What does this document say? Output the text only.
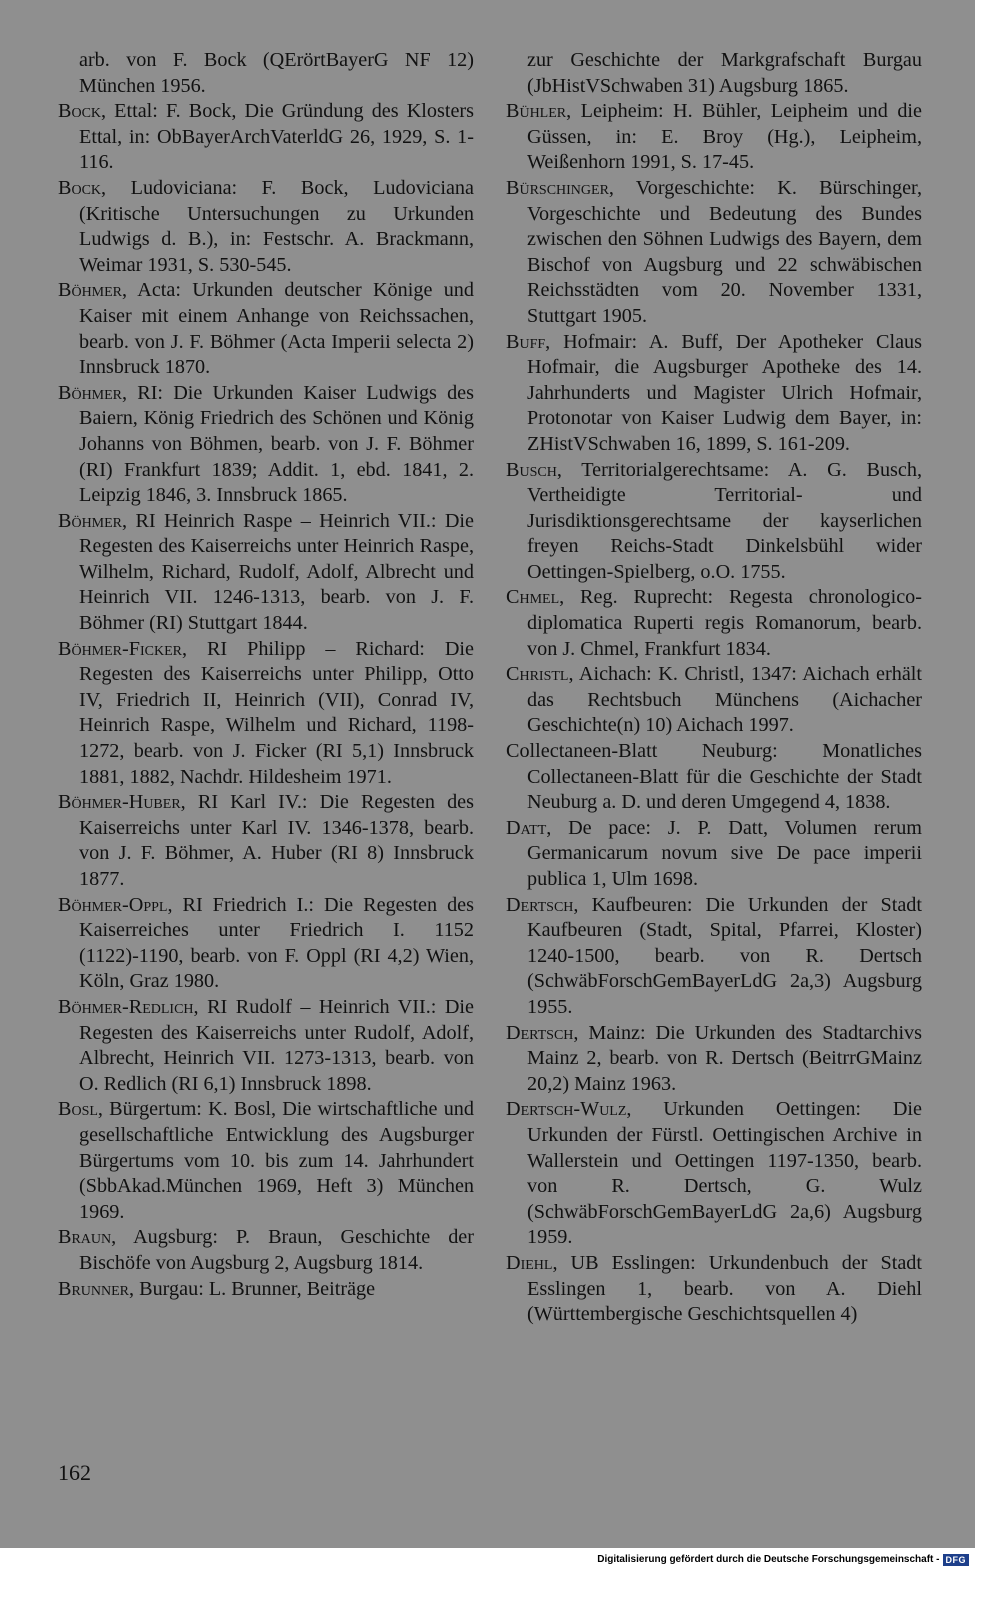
arb. von F. Bock (QErörtBayerG NF 12) München 1956.

Bock, Ettal: F. Bock, Die Gründung des Klosters Ettal, in: ObBayerArchVaterldG 26, 1929, S. 1-116.

Bock, Ludoviciana: F. Bock, Ludoviciana (Kritische Untersuchungen zu Urkunden Ludwigs d. B.), in: Festschr. A. Brackmann, Weimar 1931, S. 530-545.

Böhmer, Acta: Urkunden deutscher Könige und Kaiser mit einem Anhange von Reichssachen, bearb. von J. F. Böhmer (Acta Imperii selecta 2) Innsbruck 1870.

Böhmer, RI: Die Urkunden Kaiser Ludwigs des Baiern, König Friedrich des Schönen und König Johanns von Böhmen, bearb. von J. F. Böhmer (RI) Frankfurt 1839; Addit. 1, ebd. 1841, 2. Leipzig 1846, 3. Innsbruck 1865.

Böhmer, RI Heinrich Raspe – Heinrich VII.: Die Regesten des Kaiserreichs unter Heinrich Raspe, Wilhelm, Richard, Rudolf, Adolf, Albrecht und Heinrich VII. 1246-1313, bearb. von J. F. Böhmer (RI) Stuttgart 1844.

Böhmer-Ficker, RI Philipp – Richard: Die Regesten des Kaiserreichs unter Philipp, Otto IV, Friedrich II, Heinrich (VII), Conrad IV, Heinrich Raspe, Wilhelm und Richard, 1198-1272, bearb. von J. Ficker (RI 5,1) Innsbruck 1881, 1882, Nachdr. Hildesheim 1971.

Böhmer-Huber, RI Karl IV.: Die Regesten des Kaiserreichs unter Karl IV. 1346-1378, bearb. von J. F. Böhmer, A. Huber (RI 8) Innsbruck 1877.

Böhmer-Oppl, RI Friedrich I.: Die Regesten des Kaiserreiches unter Friedrich I. 1152 (1122)-1190, bearb. von F. Oppl (RI 4,2) Wien, Köln, Graz 1980.

Böhmer-Redlich, RI Rudolf – Heinrich VII.: Die Regesten des Kaiserreichs unter Rudolf, Adolf, Albrecht, Heinrich VII. 1273-1313, bearb. von O. Redlich (RI 6,1) Innsbruck 1898.

Bosl, Bürgertum: K. Bosl, Die wirtschaftliche und gesellschaftliche Entwicklung des Augsburger Bürgertums vom 10. bis zum 14. Jahrhundert (SbbAkad.München 1969, Heft 3) München 1969.

Braun, Augsburg: P. Braun, Geschichte der Bischöfe von Augsburg 2, Augsburg 1814.

Brunner, Burgau: L. Brunner, Beiträge

zur Geschichte der Markgrafschaft Burgau (JbHistVSchwaben 31) Augsburg 1865.

Bühler, Leipheim: H. Bühler, Leipheim und die Güssen, in: E. Broy (Hg.), Leipheim, Weißenhorn 1991, S. 17-45.

Bürschinger, Vorgeschichte: K. Bürschinger, Vorgeschichte und Bedeutung des Bundes zwischen den Söhnen Ludwigs des Bayern, dem Bischof von Augsburg und 22 schwäbischen Reichsstädten vom 20. November 1331, Stuttgart 1905.

Buff, Hofmair: A. Buff, Der Apotheker Claus Hofmair, die Augsburger Apotheke des 14. Jahrhunderts und Magister Ulrich Hofmair, Protonotar von Kaiser Ludwig dem Bayer, in: ZHistVSchwaben 16, 1899, S. 161-209.

Busch, Territorialgerechtsame: A. G. Busch, Vertheidigte Territorial- und Jurisdiktionsgerechtsame der kayserlichen freyen Reichs-Stadt Dinkelsbühl wider Oettingen-Spielberg, o.O. 1755.

Chmel, Reg. Ruprecht: Regesta chronologico-diplomatica Ruperti regis Romanorum, bearb. von J. Chmel, Frankfurt 1834.

Christl, Aichach: K. Christl, 1347: Aichach erhält das Rechtsbuch Münchens (Aichacher Geschichte(n) 10) Aichach 1997.

Collectaneen-Blatt Neuburg: Monatliches Collectaneen-Blatt für die Geschichte der Stadt Neuburg a. D. und deren Umgegend 4, 1838.

Datt, De pace: J. P. Datt, Volumen rerum Germanicarum novum sive De pace imperii publica 1, Ulm 1698.

Dertsch, Kaufbeuren: Die Urkunden der Stadt Kaufbeuren (Stadt, Spital, Pfarrei, Kloster) 1240-1500, bearb. von R. Dertsch (SchwäbForschGemBayerLdG 2a,3) Augsburg 1955.

Dertsch, Mainz: Die Urkunden des Stadtarchivs Mainz 2, bearb. von R. Dertsch (BeitrrGMainz 20,2) Mainz 1963.

Dertsch-Wulz, Urkunden Oettingen: Die Urkunden der Fürstl. Oettingischen Archive in Wallerstein und Oettingen 1197-1350, bearb. von R. Dertsch, G. Wulz (SchwäbForschGemBayerLdG 2a,6) Augsburg 1959.

Diehl, UB Esslingen: Urkundenbuch der Stadt Esslingen 1, bearb. von A. Diehl (Württembergische Geschichtsquellen 4)

162
Digitalisierung gefördert durch die Deutsche Forschungsgemeinschaft - DFG
